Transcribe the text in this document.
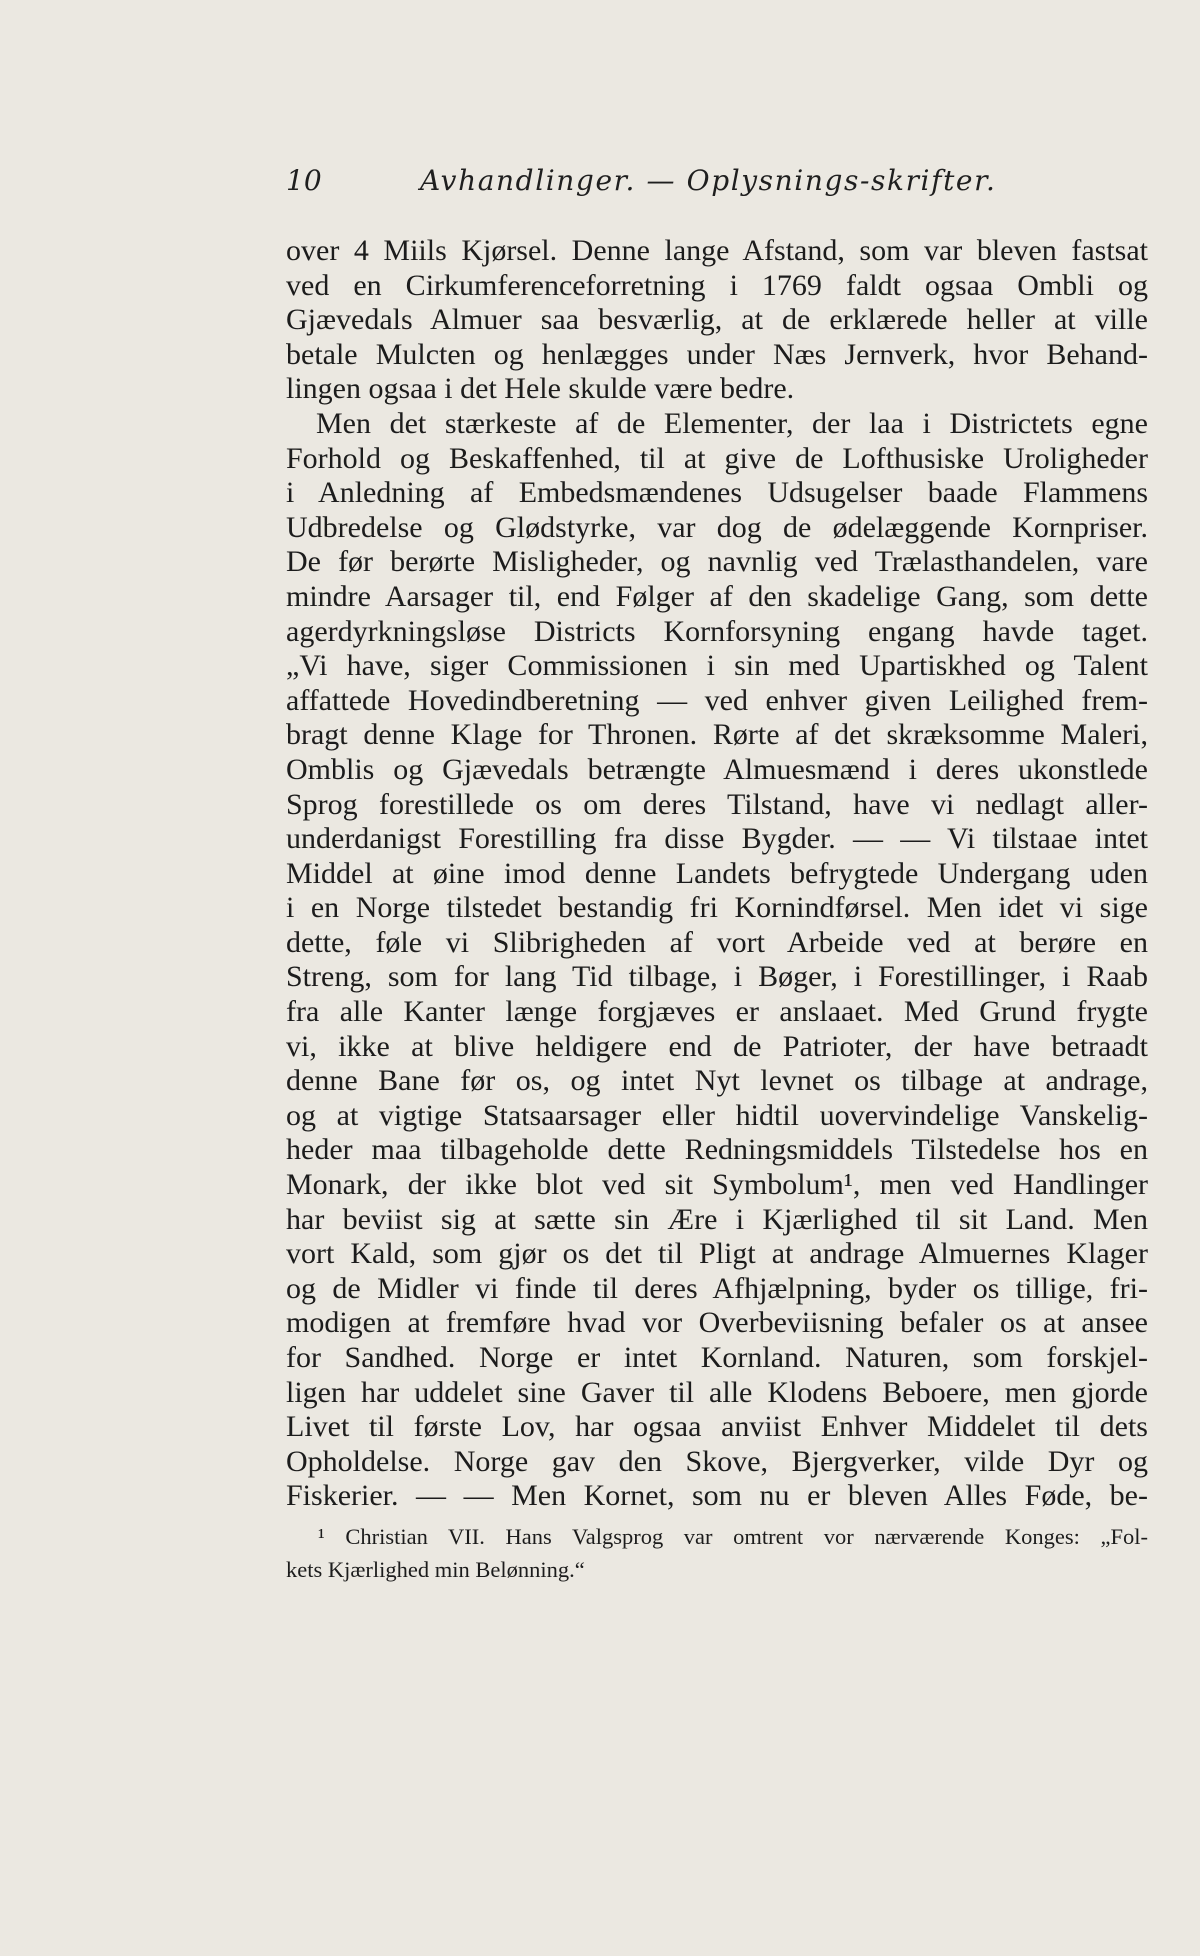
10	Avhandlinger. — Oplysnings-skrifter.
over 4 Miils Kjørsel. Denne lange Afstand, som var bleven fastsat
ved en Cirkumferenceforretning i 1769 faldt ogsaa Ombli og
Gjævedals Almuer saa besværlig, at de erklærede heller at ville
betale Mulcten og henlægges under Næs Jernverk, hvor Behand-
lingen ogsaa i det Hele skulde være bedre.
Men det stærkeste af de Elementer, der laa i Districtets egne
Forhold og Beskaffenhed, til at give de Lofthusiske Uroligheder
i Anledning af Embedsmændenes Udsugelser baade Flammens
Udbredelse og Glødstyrke, var dog de ødelæggende Kornpriser.
De før berørte Misligheder, og navnlig ved Trælasthandelen, vare
mindre Aarsager til, end Følger af den skadelige Gang, som dette
agerdyrkningsløse Districts Kornforsyning engang havde taget.
„Vi have, siger Commissionen i sin med Upartiskhed og Talent
affattede Hovedindberetning — ved enhver given Leilighed frem-
bragt denne Klage for Thronen. Rørte af det skræksomme Maleri,
Omblis og Gjævedals betrængte Almuesmænd i deres ukonstlede
Sprog forestillede os om deres Tilstand, have vi nedlagt aller-
underdanigst Forestilling fra disse Bygder. — — Vi tilstaae intet
Middel at øine imod denne Landets befrygtede Undergang uden
i en Norge tilstedet bestandig fri Kornindførsel. Men idet vi sige
dette, føle vi Slibrigheden af vort Arbeide ved at berøre en
Streng, som for lang Tid tilbage, i Bøger, i Forestillinger, i Raab
fra alle Kanter længe forgjæves er anslaaet. Med Grund frygte
vi, ikke at blive heldigere end de Patrioter, der have betraadt
denne Bane før os, og intet Nyt levnet os tilbage at andrage,
og at vigtige Statsaarsager eller hidtil uovervindelige Vanskelig-
heder maa tilbageholde dette Redningsmiddels Tilstedelse hos en
Monark, der ikke blot ved sit Symbolum¹, men ved Handlinger
har beviist sig at sætte sin Ære i Kjærlighed til sit Land. Men
vort Kald, som gjør os det til Pligt at andrage Almuernes Klager
og de Midler vi finde til deres Afhjælpning, byder os tillige, fri-
modigen at fremføre hvad vor Overbeviisning befaler os at ansee
for Sandhed. Norge er intet Kornland. Naturen, som forskjel-
ligen har uddelet sine Gaver til alle Klodens Beboere, men gjorde
Livet til første Lov, har ogsaa anviist Enhver Middelet til dets
Opholdelse. Norge gav den Skove, Bjergverker, vilde Dyr og
Fiskerier. — — Men Kornet, som nu er bleven Alles Føde, be-
¹ Christian VII. Hans Valgsprog var omtrent vor nærværende Konges: „Fol-
kets Kjærlighed min Belønning.“
